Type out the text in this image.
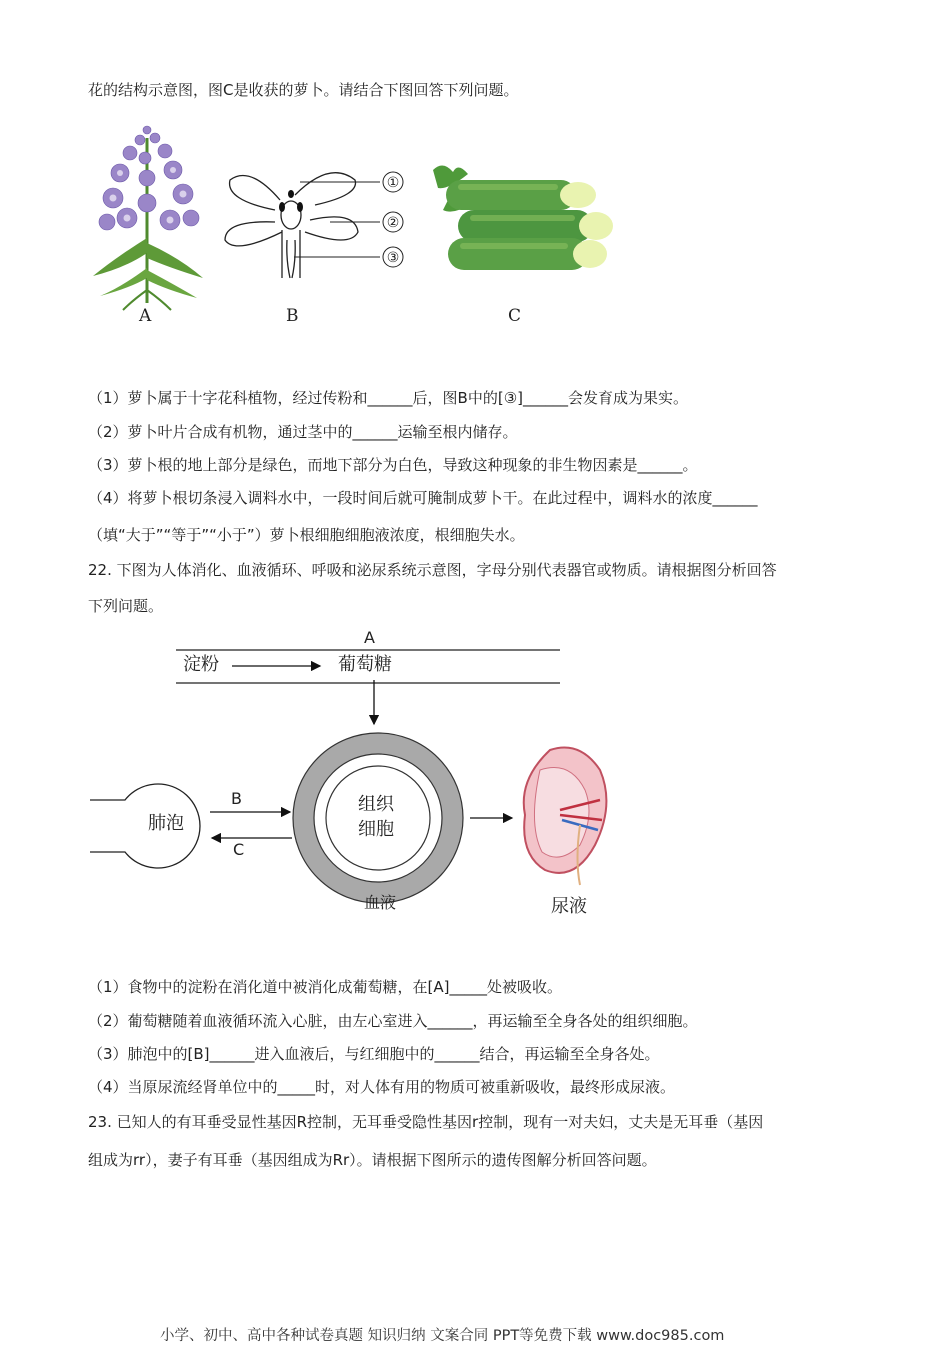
花的结构示意图，图C是收获的萝卜。请结合下图回答下列问题。
A
①
②
③
B	C
（1）萝卜属于十字花科植物，经过传粉和______后，图B中的[③]______会发育成为果实。
（2）萝卜叶片合成有机物，通过茎中的______运输至根内储存。
（3）萝卜根的地上部分是绿色，而地下部分为白色，导致这种现象的非生物因素是______。
（4）将萝卜根切条浸入调料水中，一段时间后就可腌制成萝卜干。在此过程中，调料水的浓度______
（填“大于”“等于”“小于”）萝卜根细胞细胞液浓度，根细胞失水。
22. 下图为人体消化、血液循环、呼吸和泌尿系统示意图，字母分别代表器官或物质。请根据图分析回答
下列问题。
A
淀粉	葡萄糖
肺泡
B
C
组织
细胞
血液	尿液
（1）食物中的淀粉在消化道中被消化成葡萄糖，在[A]_____处被吸收。
（2）葡萄糖随着血液循环流入心脏，由左心室进入______，再运输至全身各处的组织细胞。
（3）肺泡中的[B]______进入血液后，与红细胞中的______结合，再运输至全身各处。
（4）当原尿流经肾单位中的_____时，对人体有用的物质可被重新吸收，最终形成尿液。
23. 已知人的有耳垂受显性基因R控制，无耳垂受隐性基因r控制，现有一对夫妇，丈夫是无耳垂（基因
组成为rr），妻子有耳垂（基因组成为Rr）。请根据下图所示的遗传图解分析回答问题。
小学、初中、高中各种试卷真题 知识归纳 文案合同 PPT等免费下载 www.doc985.com
